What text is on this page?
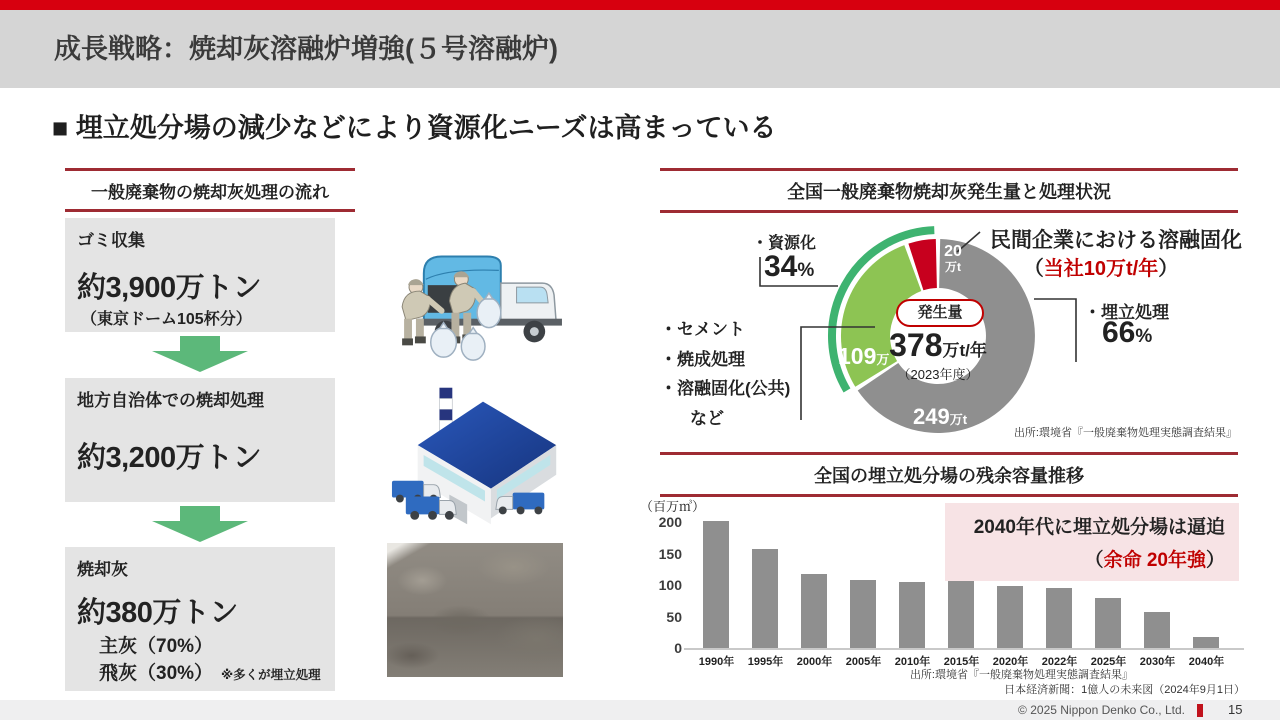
成長戦略：焼却灰溶融炉増強(５号溶融炉)
■ 埋立処分場の減少などにより資源化ニーズは高まっている
一般廃棄物の焼却灰処理の流れ
ゴミ収集
約3,900万トン
（東京ドーム105杯分）
地方自治体での焼却処理
約3,200万トン
焼却灰
約380万トン
主灰（70%）
飛灰（30%） ※多くが埋立処理
全国一般廃棄物焼却灰発生量と処理状況
・資源化
34%
・セメント
・焼成処理
・溶融固化(公共)
など
民間企業における溶融固化
（当社10万t/年）
・埋立処理
66%
発生量
378万t/年
（2023年度）
109万
20
万t
249万t
出所:環境省『一般廃棄物処理実態調査結果』
全国の埋立処分場の残余容量推移
（百万㎥）
0
50
100
150
200
1990年	1995年	2000年	2005年	2010年	2015年	2020年	2022年	2025年	2030年	2040年
2040年代に埋立処分場は逼迫
（余命 20年強）
出所:環境省『一般廃棄物処理実態調査結果』
日本経済新聞：1億人の未来図（2024年9月1日）
© 2025 Nippon Denko Co., Ltd.	15
